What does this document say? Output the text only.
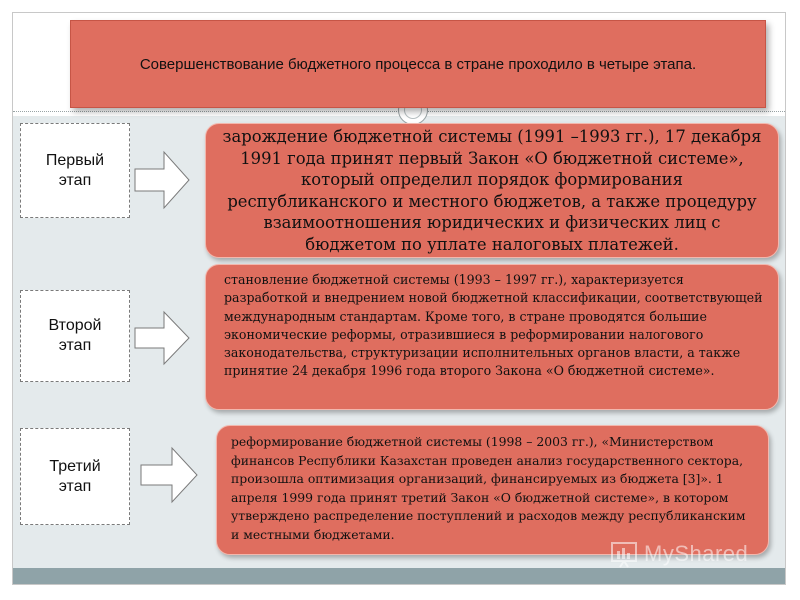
Совершенствование бюджетного процесса в стране проходило в четыре этапа.
Первый
этап
зарождение бюджетной системы (1991 –1993 гг.), 17 декабря 1991 года принят первый Закон «О бюджетной системе», который определил порядок формирования республиканского и местного бюджетов, а также процедуру взаимоотношения юридических и физических лиц с бюджетом по уплате налоговых платежей.
Второй
этап
становление бюджетной системы (1993 – 1997 гг.), характеризуется разработкой и внедрением новой бюджетной классификации, соответствующей международным стандартам. Кроме того, в стране проводятся большие экономические реформы, отразившиеся в реформировании налогового законодательства, структуризации исполнительных органов власти, а также принятие 24 декабря 1996 года второго Закона «О бюджетной системе».
Третий
этап
реформирование бюджетной системы (1998 – 2003 гг.), «Министерством финансов Республики Казахстан проведен анализ государственного сектора, произошла оптимизация организаций, финансируемых из бюджета [3]». 1 апреля 1999 года принят третий Закон «О бюджетной системе», в котором утверждено распределение поступлений и расходов между республиканским и местными бюджетами.
MyShared
